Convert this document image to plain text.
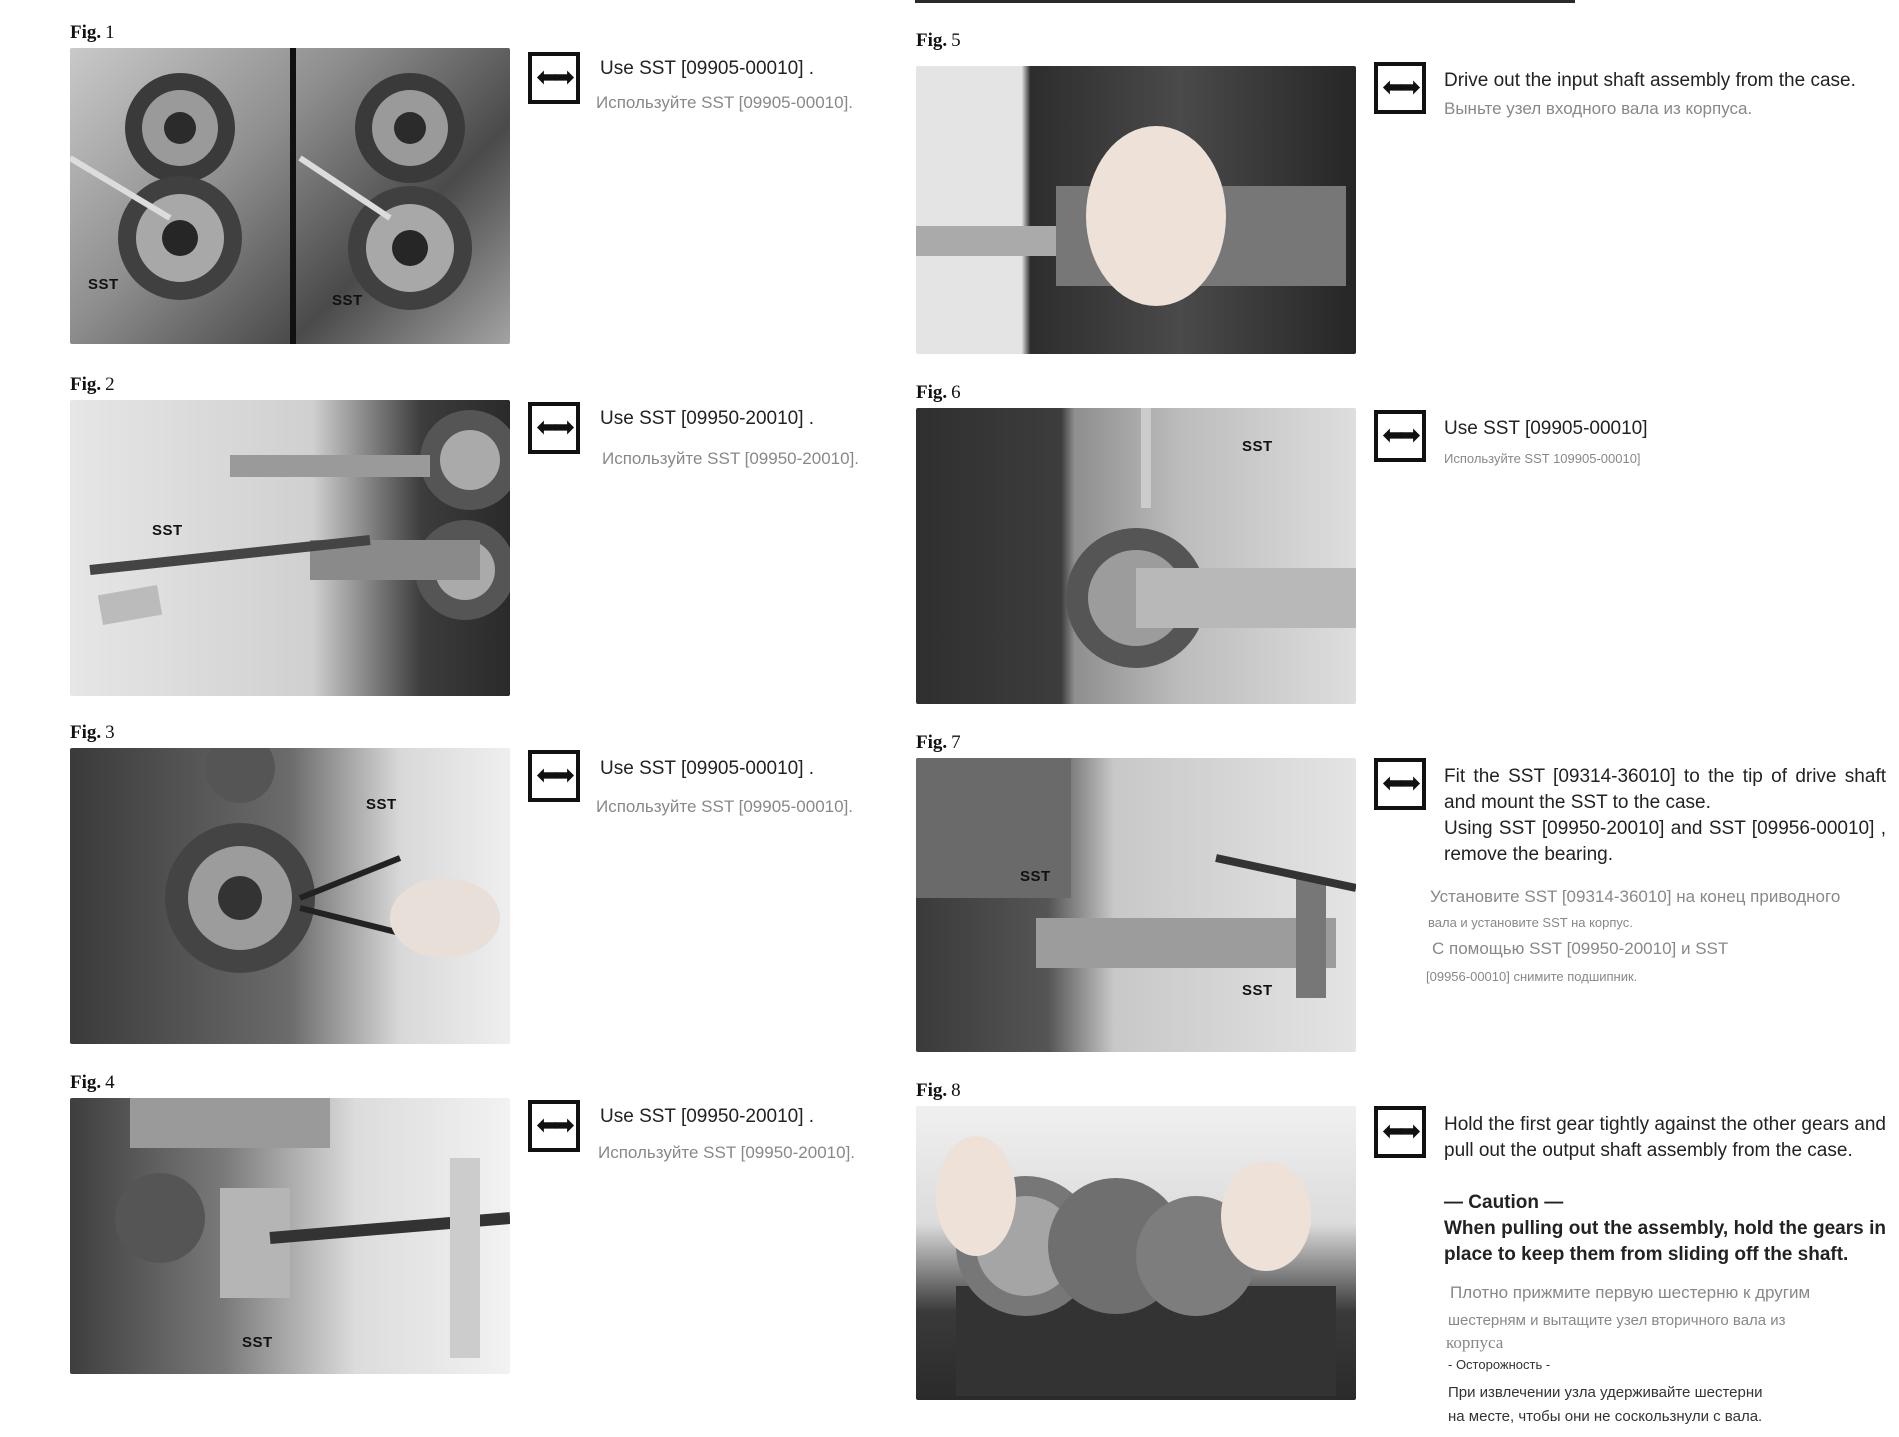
Fig. 1
SST
SST
⬅➡ Use SST [09905-00010] .
Используйте SST [09905-00010].
Fig. 2
SST
⬅➡ Use SST [09950-20010] .
Используйте SST [09950-20010].
Fig. 3
SST
⬅➡ Use SST [09905-00010] .
Используйте SST [09905-00010].
Fig. 4
SST
⬅➡ Use SST [09950-20010] .
Используйте SST [09950-20010].
Fig. 5
⬅➡ Drive out the input shaft assembly from the case.
Выньте узел входного вала из корпуса.
Fig. 6
SST	⬅➡ Use SST [09905-00010]
Используйте SST 109905-00010]
Fig. 7
SST
SST
⬅➡ Fit the SST [09314-36010] to the tip of drive shaft and mount the SST to the case.
Using SST [09950-20010] and SST [09956-00010] , remove the bearing.
Установите SST [09314-36010] на конец приводного
вала и установите SST на корпус.
С помощью SST [09950-20010] и SST
[09956-00010] снимите подшипник.
Fig. 8
⬅➡ Hold the first gear tightly against the other gears and pull out the output shaft assembly from the case.
— Caution —
When pulling out the assembly, hold the gears in place to keep them from sliding off the shaft.
Плотно прижмите первую шестерню к другим
шестерням и вытащите узел вторичного вала из
корпуса
- Осторожность -
При извлечении узла удерживайте шестерни
на месте, чтобы они не соскользнули с вала.
